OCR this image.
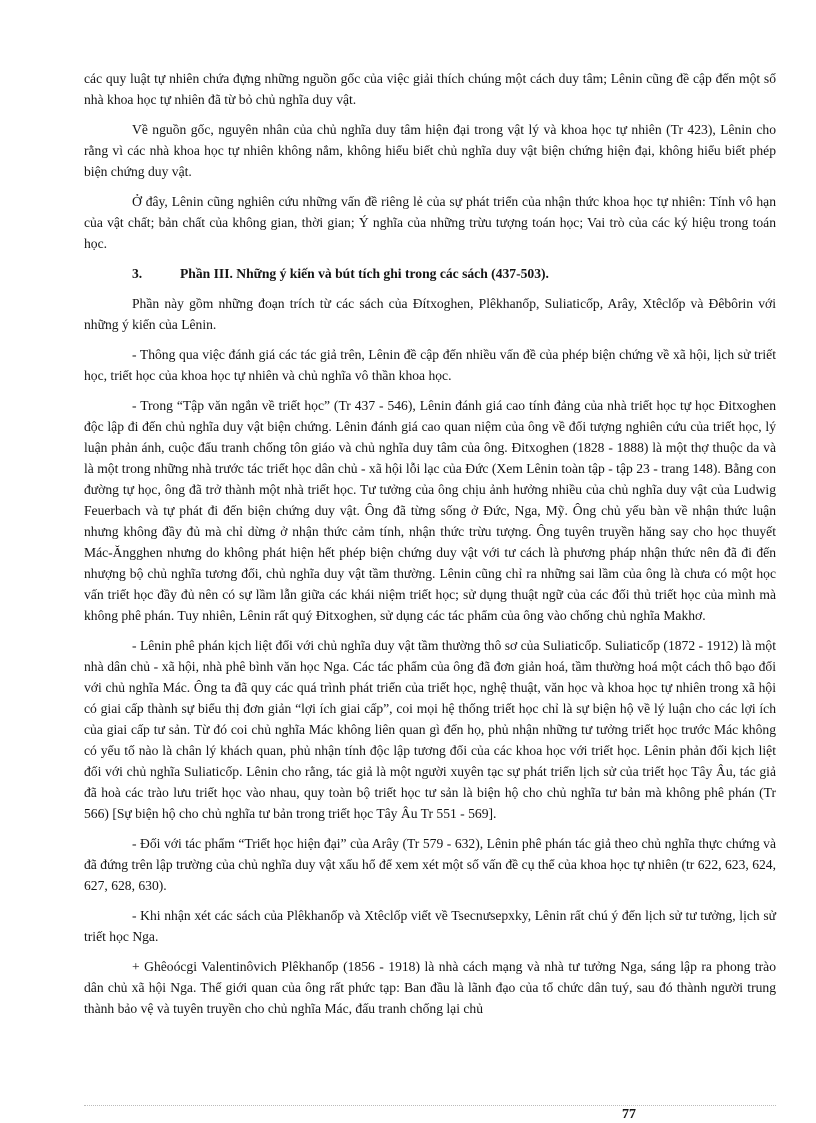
các quy luật tự nhiên chứa đựng những nguồn gốc của việc giải thích chúng một cách duy tâm; Lênin cũng đề cập đến một số nhà khoa học tự nhiên đã từ bỏ chủ nghĩa duy vật.

Về nguồn gốc, nguyên nhân của chủ nghĩa duy tâm hiện đại trong vật lý và khoa học tự nhiên (Tr 423), Lênin cho rằng vì các nhà khoa học tự nhiên không nắm, không hiểu biết chủ nghĩa duy vật biện chứng hiện đại, không hiểu biết phép biện chứng duy vật.

Ở đây, Lênin cũng nghiên cứu những vấn đề riêng lẻ của sự phát triển của nhận thức khoa học tự nhiên: Tính vô hạn của vật chất; bản chất của không gian, thời gian; Ý nghĩa của những trừu tượng toán học; Vai trò của các ký hiệu trong toán học.

3.	Phần III. Những ý kiến và bút tích ghi trong các sách (437-503).

Phần này gồm những đoạn trích từ các sách của Đítxoghen, Plêkhanốp, Suliaticốp, Arây, Xtêclốp và Đêbôrin với những ý kiến của Lênin.

- Thông qua việc đánh giá các tác giả trên, Lênin đề cập đến nhiều vấn đề của phép biện chứng về xã hội, lịch sử triết học, triết học của khoa học tự nhiên và chủ nghĩa vô thần khoa học.

- Trong “Tập văn ngắn về triết học” (Tr 437 - 546), Lênin đánh giá cao tính đảng của nhà triết học tự học Đitxoghen độc lập đi đến chủ nghĩa duy vật biện chứng. Lênin đánh giá cao quan niệm của ông về đối tượng nghiên cứu của triết học, lý luận phản ánh, cuộc đấu tranh chống tôn giáo và chủ nghĩa duy tâm của ông. Đitxoghen (1828 - 1888) là một thợ thuộc da và là một trong những nhà trước tác triết học dân chủ - xã hội lỗi lạc của Đức (Xem Lênin toàn tập - tập 23 - trang 148). Bằng con đường tự học, ông đã trở thành một nhà triết học. Tư tưởng của ông chịu ảnh hưởng nhiều của chủ nghĩa duy vật của Ludwig Feuerbach và tự phát đi đến biện chứng duy vật. Ông đã từng sống ở Đức, Nga, Mỹ. Ông chủ yếu bàn về nhận thức luận nhưng không đầy đủ mà chỉ dừng ở nhận thức cảm tính, nhận thức trừu tượng. Ông tuyên truyền hăng say cho học thuyết Mác-Ăngghen nhưng do không phát hiện hết phép biện chứng duy vật với tư cách là phương pháp nhận thức nên đã đi đến nhượng bộ chủ nghĩa tương đối, chủ nghĩa duy vật tầm thường. Lênin cũng chỉ ra những sai lầm của ông là chưa có một học vấn triết học đầy đủ nên có sự lầm lẫn giữa các khái niệm triết học; sử dụng thuật ngữ của các đối thủ triết học của mình mà không phê phán. Tuy nhiên, Lênin rất quý Đitxoghen, sử dụng các tác phẩm của ông vào chống chủ nghĩa Makhơ.

- Lênin phê phán kịch liệt đối với chủ nghĩa duy vật tầm thường thô sơ của Suliaticốp. Suliaticốp (1872 - 1912) là một nhà dân chủ - xã hội, nhà phê bình văn học Nga. Các tác phẩm của ông đã đơn giản hoá, tầm thường hoá một cách thô bạo đối với chủ nghĩa Mác. Ông ta đã quy các quá trình phát triển của triết học, nghệ thuật, văn học và khoa học tự nhiên trong xã hội có giai cấp thành sự biểu thị đơn giản “lợi ích giai cấp”, coi mọi hệ thống triết học chỉ là sự biện hộ về lý luận cho các lợi ích của giai cấp tư sản. Từ đó coi chủ nghĩa Mác không liên quan gì đến họ, phủ nhận những tư tưởng triết học trước Mác không có yếu tố nào là chân lý khách quan, phủ nhận tính độc lập tương đối của các khoa học với triết học. Lênin phản đối kịch liệt đối với chủ nghĩa Suliaticốp. Lênin cho rằng, tác giả là một người xuyên tạc sự phát triển lịch sử của triết học Tây Âu, tác giả đã hoà các trào lưu triết học vào nhau, quy toàn bộ triết học tư sản là biện hộ cho chủ nghĩa tư bản mà không phê phán (Tr 566) [Sự biện hộ cho chủ nghĩa tư bản trong triết học Tây Âu Tr 551 - 569].

- Đối với tác phẩm “Triết học hiện đại” của Arây (Tr 579 - 632), Lênin phê phán tác giả theo chủ nghĩa thực chứng và đã đứng trên lập trường của chủ nghĩa duy vật xấu hổ để xem xét một số vấn đề cụ thể của khoa học tự nhiên (tr 622, 623, 624, 627, 628, 630).

- Khi nhận xét các sách của Plêkhanốp và Xtêclốp viết về Tsecnưsepxky, Lênin rất chú ý đến lịch sử tư tưởng, lịch sử triết học Nga.

+ Ghêoócgi Valentinôvich Plêkhanốp (1856 - 1918) là nhà cách mạng và nhà tư tưởng Nga, sáng lập ra phong trào dân chủ xã hội Nga. Thế giới quan của ông rất phức tạp: Ban đầu là lãnh đạo của tổ chức dân tuý, sau đó thành người trung thành bảo vệ và tuyên truyền cho chủ nghĩa Mác, đấu tranh chống lại chủ

77
